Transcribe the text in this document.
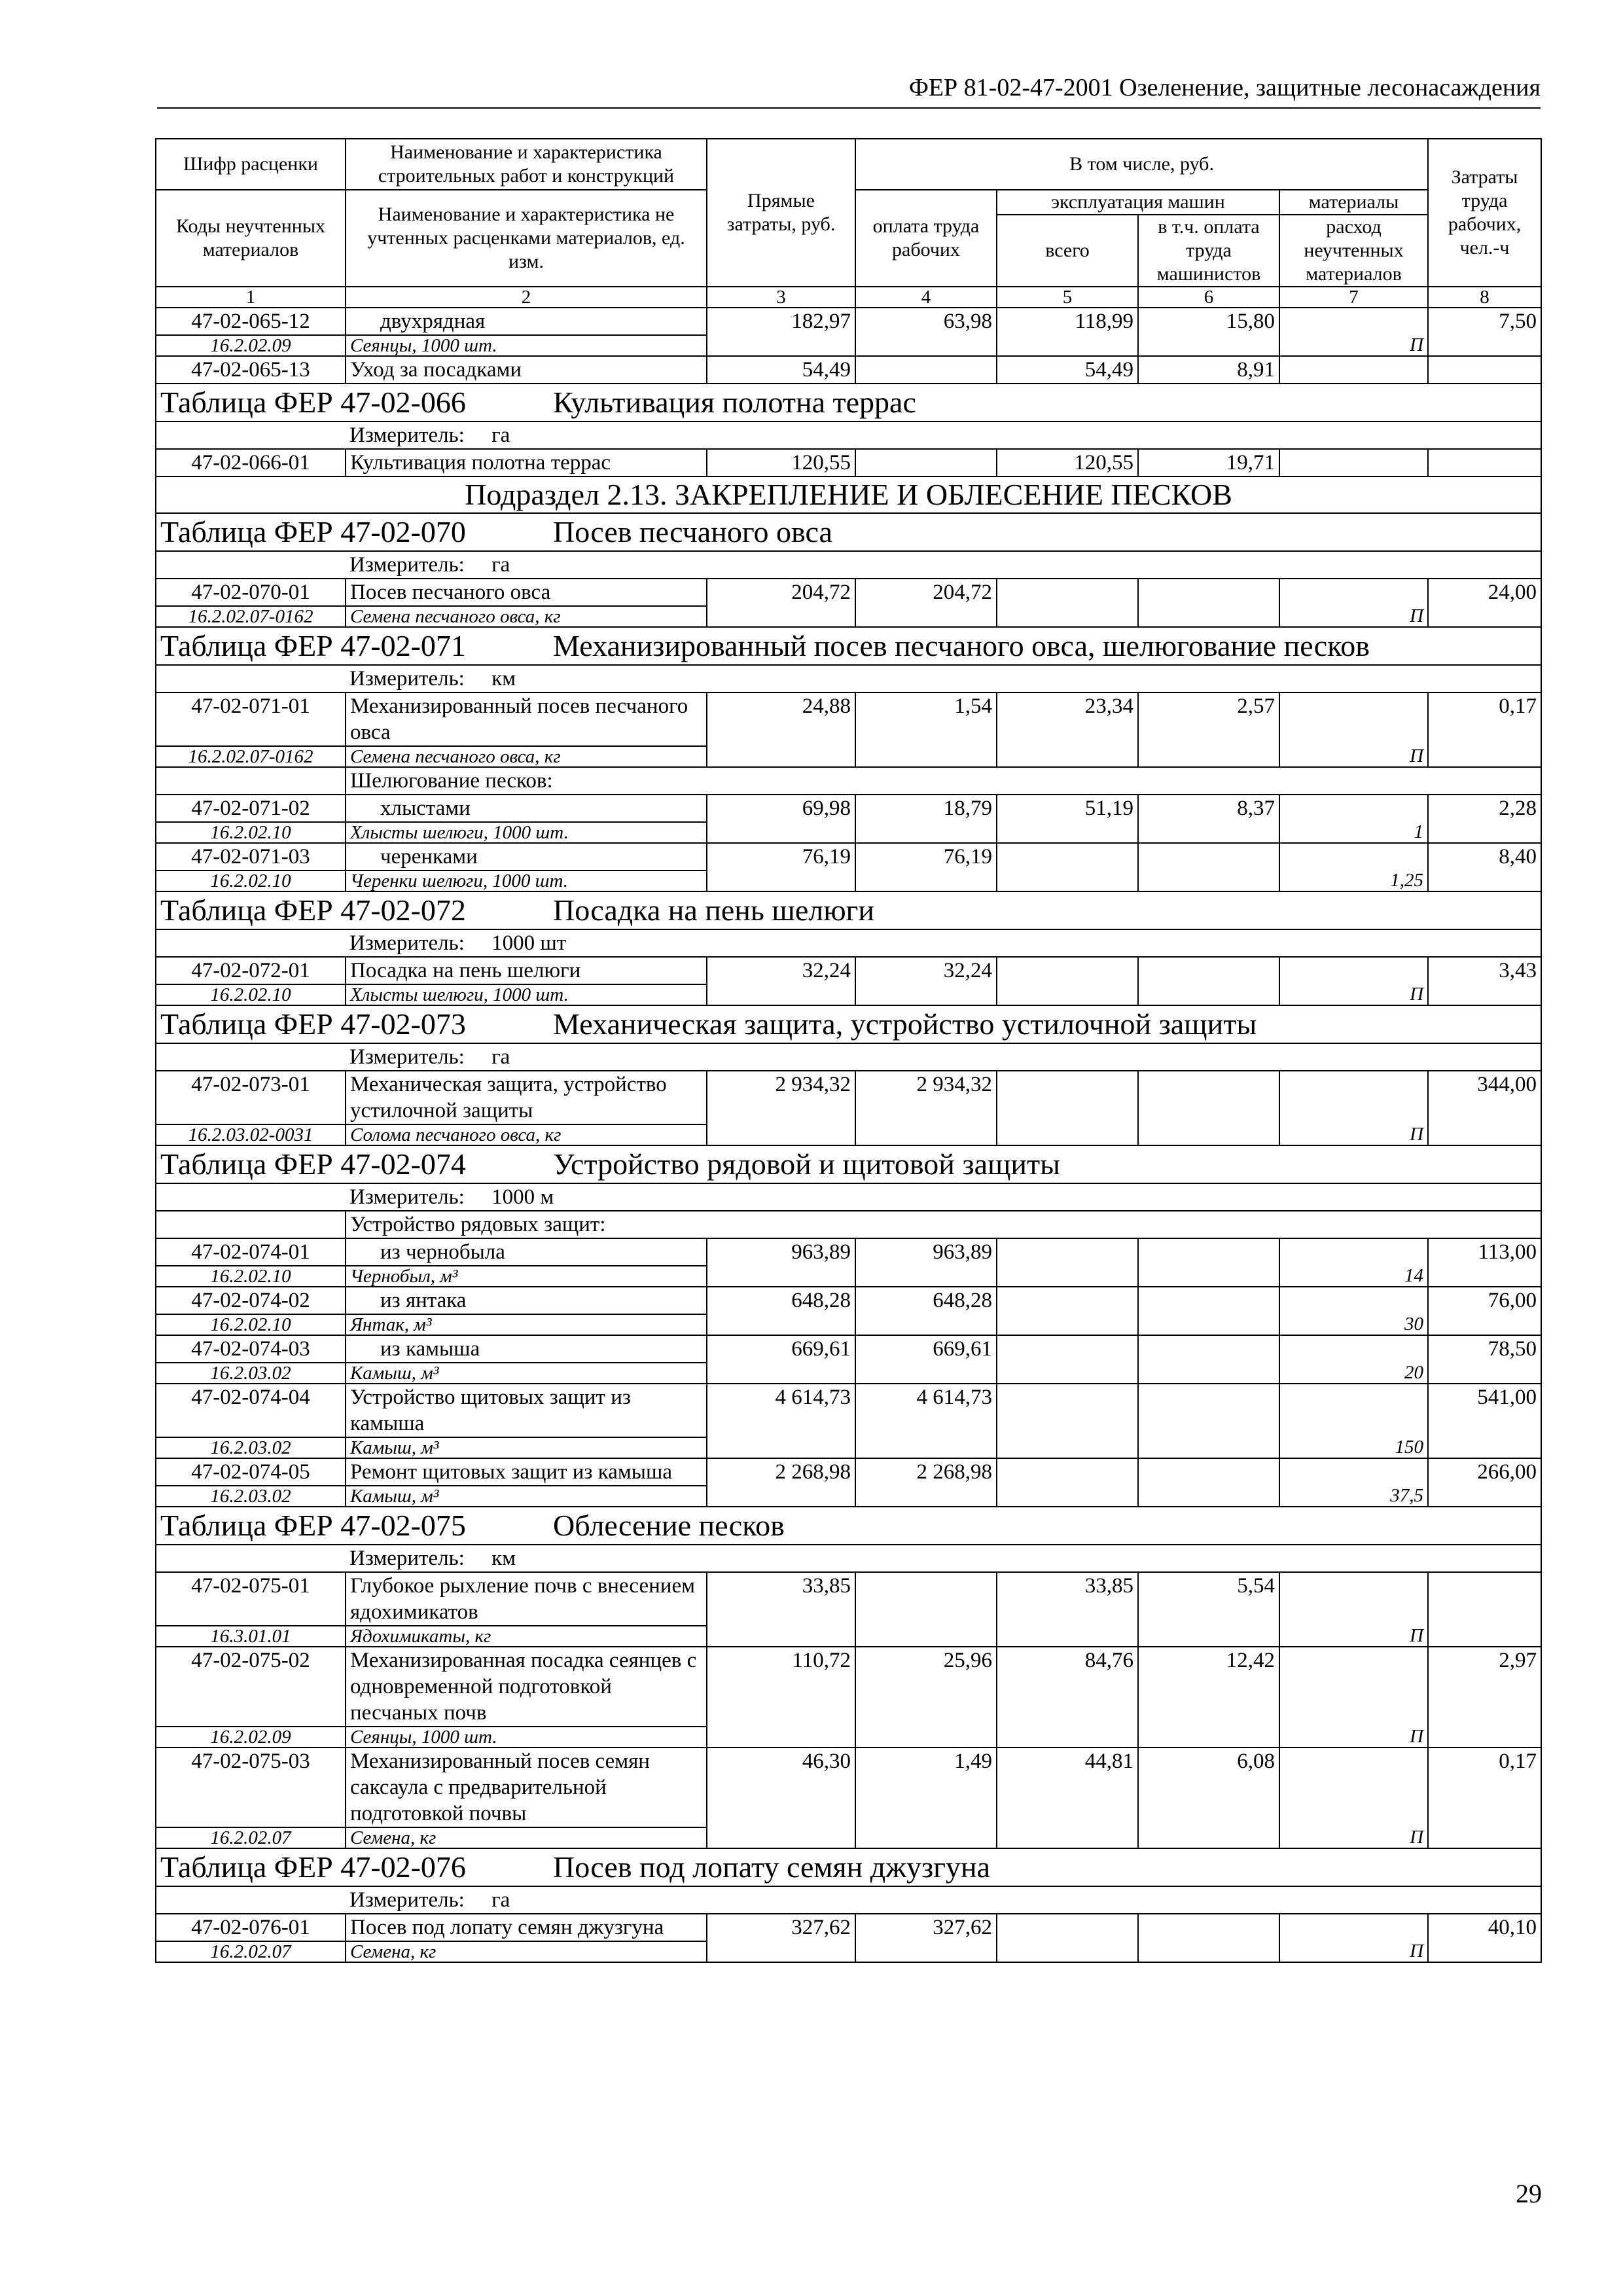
ФЕР 81-02-47-2001 Озеленение, защитные лесонасаждения
Шифр расценки	Наименование и характеристика строительных работ и конструкций	Прямые затраты, руб.	В том числе, руб.				Затраты труда рабочих, чел.-ч
Коды неучтенных материалов	Наименование и характеристика не учтенных расценками материалов, ед. изм.		оплата труда рабочих	эксплуатация машин		материалы	
				всего	в т.ч. оплата труда машинистов	расход неучтенных материалов	
1	2	3	4	5	6	7	8
47-02-065-12	двухрядная	182,97	63,98	118,99	15,80		7,50
16.2.02.09	Сеянцы, 1000 шт.					П	
47-02-065-13	Уход за посадками	54,49		54,49	8,91		
Таблица ФЕР 47-02-066 Культивация полотна террас							
	Измеритель:     га						
47-02-066-01	Культивация полотна террас	120,55		120,55	19,71		
Подраздел 2.13. ЗАКРЕПЛЕНИЕ И ОБЛЕСЕНИЕ ПЕСКОВ							
Таблица ФЕР 47-02-070 Посев песчаного овса							
	Измеритель:     га						
47-02-070-01	Посев песчаного овса	204,72	204,72				24,00
16.2.02.07-0162	Семена песчаного овса, кг					П	
Таблица ФЕР 47-02-071 Механизированный посев песчаного овса, шелюгование песков							
	Измеритель:     км						
47-02-071-01	Механизированный посев песчаного овса	24,88	1,54	23,34	2,57		0,17
16.2.02.07-0162	Семена песчаного овса, кг					П	
	Шелюгование песков:						
47-02-071-02	хлыстами	69,98	18,79	51,19	8,37		2,28
16.2.02.10	Хлысты шелюги, 1000 шт.					1	
47-02-071-03	черенками	76,19	76,19				8,40
16.2.02.10	Черенки шелюги, 1000 шт.					1,25	
Таблица ФЕР 47-02-072 Посадка на пень шелюги							
	Измеритель:     1000 шт						
47-02-072-01	Посадка на пень шелюги	32,24	32,24				3,43
16.2.02.10	Хлысты шелюги, 1000 шт.					П	
Таблица ФЕР 47-02-073 Механическая защита, устройство устилочной защиты							
	Измеритель:     га						
47-02-073-01	Механическая защита, устройство устилочной защиты	2 934,32	2 934,32				344,00
16.2.03.02-0031	Солома песчаного овса, кг					П	
Таблица ФЕР 47-02-074 Устройство рядовой и щитовой защиты							
	Измеритель:     1000 м						
	Устройство рядовых защит:						
47-02-074-01	из чернобыла	963,89	963,89				113,00
16.2.02.10	Чернобыл, м³					14	
47-02-074-02	из янтака	648,28	648,28				76,00
16.2.02.10	Янтак, м³					30	
47-02-074-03	из камыша	669,61	669,61				78,50
16.2.03.02	Камыш, м³					20	
47-02-074-04	Устройство щитовых защит из камыша	4 614,73	4 614,73				541,00
16.2.03.02	Камыш, м³					150	
47-02-074-05	Ремонт щитовых защит из камыша	2 268,98	2 268,98				266,00
16.2.03.02	Камыш, м³					37,5	
Таблица ФЕР 47-02-075 Облесение песков							
	Измеритель:     км						
47-02-075-01	Глубокое рыхление почв с внесением ядохимикатов	33,85		33,85	5,54		
16.3.01.01	Ядохимикаты, кг					П	
47-02-075-02	Механизированная посадка сеянцев с одновременной подготовкой песчаных почв	110,72	25,96	84,76	12,42		2,97
16.2.02.09	Сеянцы, 1000 шт.					П	
47-02-075-03	Механизированный посев семян саксаула с предварительной подготовкой почвы	46,30	1,49	44,81	6,08		0,17
16.2.02.07	Семена, кг					П	
Таблица ФЕР 47-02-076 Посев под лопату семян джузгуна							
	Измеритель:     га						
47-02-076-01	Посев под лопату семян джузгуна	327,62	327,62				40,10
16.2.02.07	Семена, кг					П	
29
